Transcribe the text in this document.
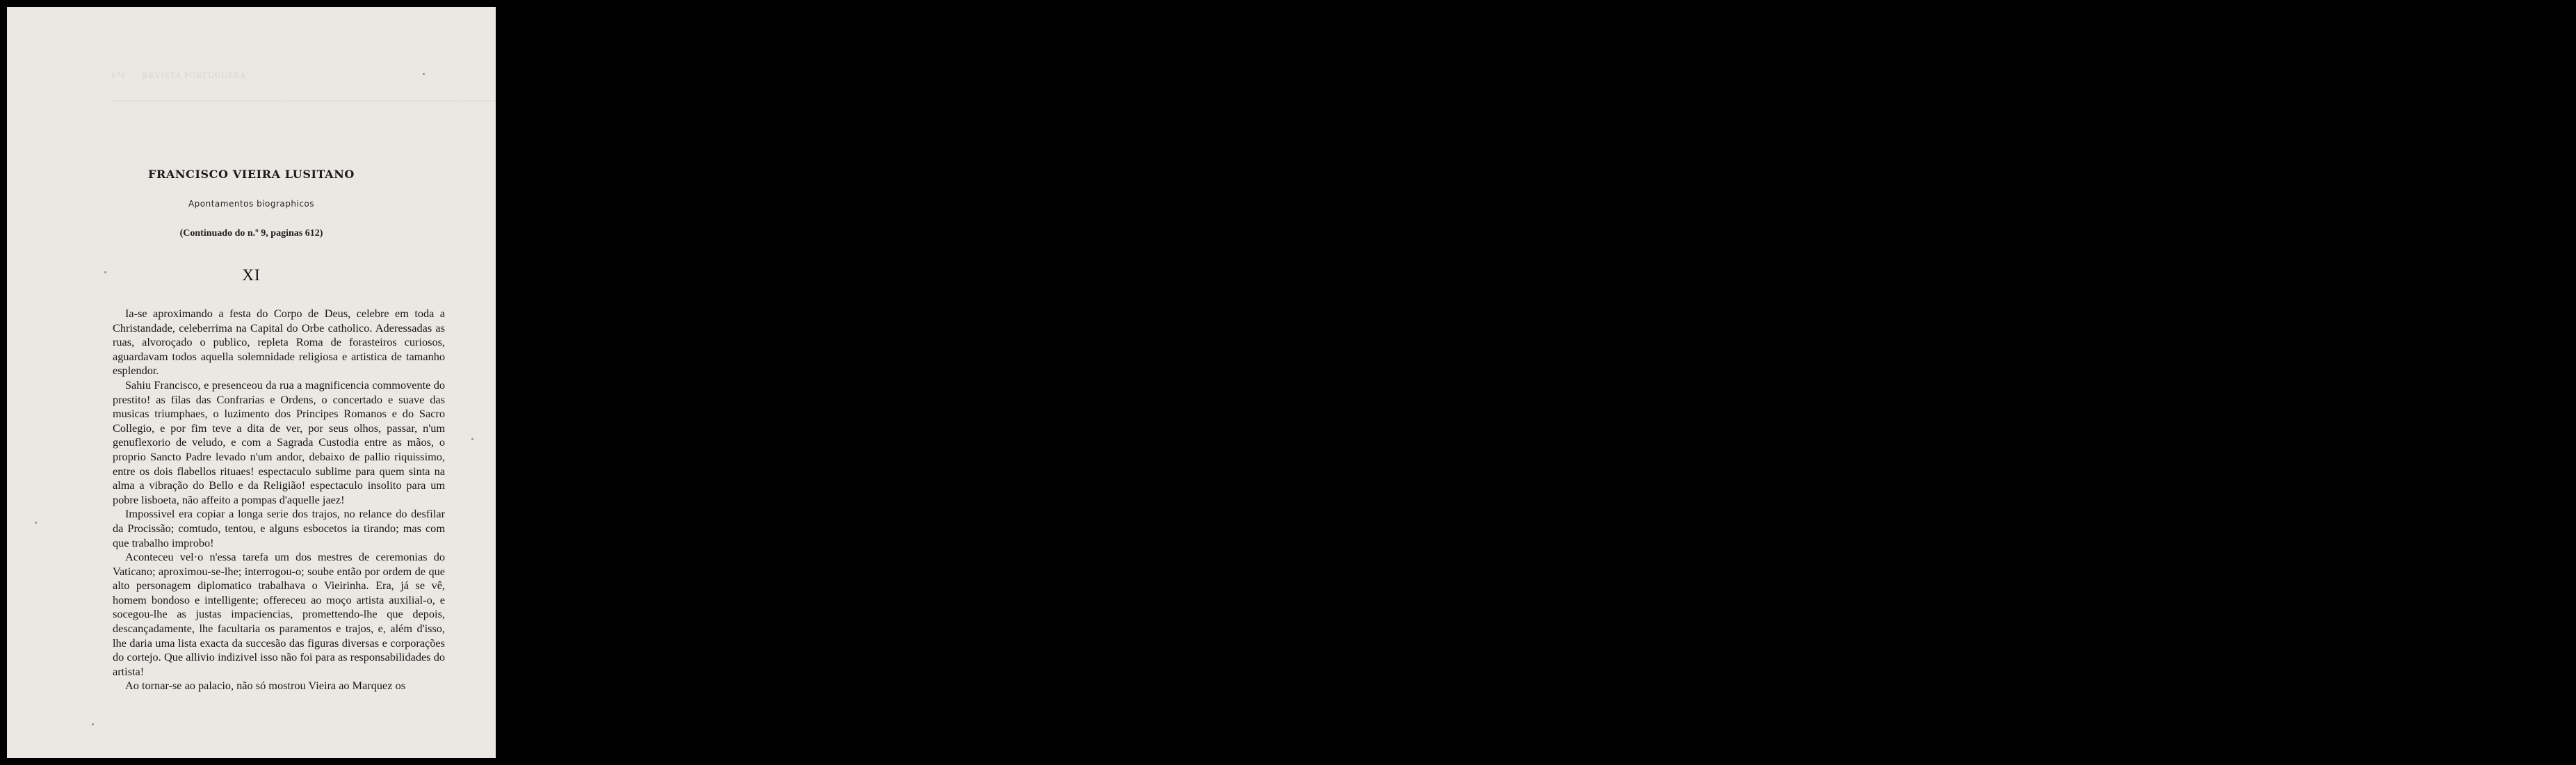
676      REVISTA PORTUGUEZA
~~~~~~~~~~~~~~~~~~~~~~~~~~~~~~~~~~~~~~~~~~~~~~~~~~~~~~~~~~~~~~~~~~~~~~~~~~~~~~~~~~~~~~~~~~~~~~~~~~~~~~~~~~~~~~~~~~~~~~~~~~~~~~~~~~~~~~~~~~~~~~~~~~~~~~~~~~~~~~~~~~~~~~~~~~~~~~~~~~~~~~~~~~~~~~~~~~~~~~~~~~~~~~~~~~~~~~~~~~~~~~~~~~~~~~~~~~~~~~~~~~~~~~~~~~~~~~~~~~~~~~~~~~~~~~~~~~~~~~~~~~~~~~~~~~~~~~~~~~~~~~~~~~~~~~~~~~~~~~~~~~~~~~~~~~~~~~~~~~~~~~~~~~~~~~~~~~~~~~~~~~~~~~~~~~~~~~~~~~~~~~~~~~~~~~~~~~~~~~~~~~~~~~~~~~~~~~~~~~~~~~~~~~~~~~~~~~~~~~~~~~~~~~~~~~~~~~~~~~~~~~~~~~~~~~~~~~~~~~~~~~~~~~~~~~~~~~~~~~~~~~~~
FRANCISCO VIEIRA LUSITANO
Apontamentos biographicos
(Continuado do n.º 9, paginas 612)
XI

Ia-se aproximando a festa do Corpo de Deus, celebre em toda a Christandade, celeberrima na Capital do Orbe catholico. Aderessadas as ruas, alvoroçado o publico, repleta Roma de forasteiros curiosos, aguardavam todos aquella solemnidade religiosa e artistica de tamanho esplendor.

Sahiu Francisco, e presenceou da rua a magnificencia commovente do prestito! as filas das Confrarias e Ordens, o concertado e suave das musicas triumphaes, o luzimento dos Principes Romanos e do Sacro Collegio, e por fim teve a dita de ver, por seus olhos, passar, n'um genuflexorio de veludo, e com a Sagrada Custodia entre as mãos, o proprio Sancto Padre levado n'um andor, debaixo de pallio riquissimo, entre os dois flabellos rituaes! espectaculo sublime para quem sinta na alma a vibração do Bello e da Religião! espectaculo insolito para um pobre lisboeta, não affeito a pompas d'aquelle jaez!

Impossivel era copiar a longa serie dos trajos, no relance do desfilar da Procissão; comtudo, tentou, e alguns esbocetos ia tirando; mas com que trabalho improbo!

Aconteceu vel·o n'essa tarefa um dos mestres de ceremonias do Vaticano; aproximou-se-lhe; interrogou-o; soube então por ordem de que alto personagem diplomatico trabalhava o Vieirinha. Era, já se vê, homem bondoso e intelligente; offereceu ao moço artista auxilial-o, e socegou-lhe as justas impaciencias, promettendo-lhe que depois, descançadamente, lhe facultaria os paramentos e trajos, e, além d'isso, lhe daria uma lista exacta da succesão das figuras diversas e corporações do cortejo. Que allivio indizivel isso não foi para as responsabilidades do artista!

Ao tornar-se ao palacio, não só mostrou Vieira ao Marquez os
